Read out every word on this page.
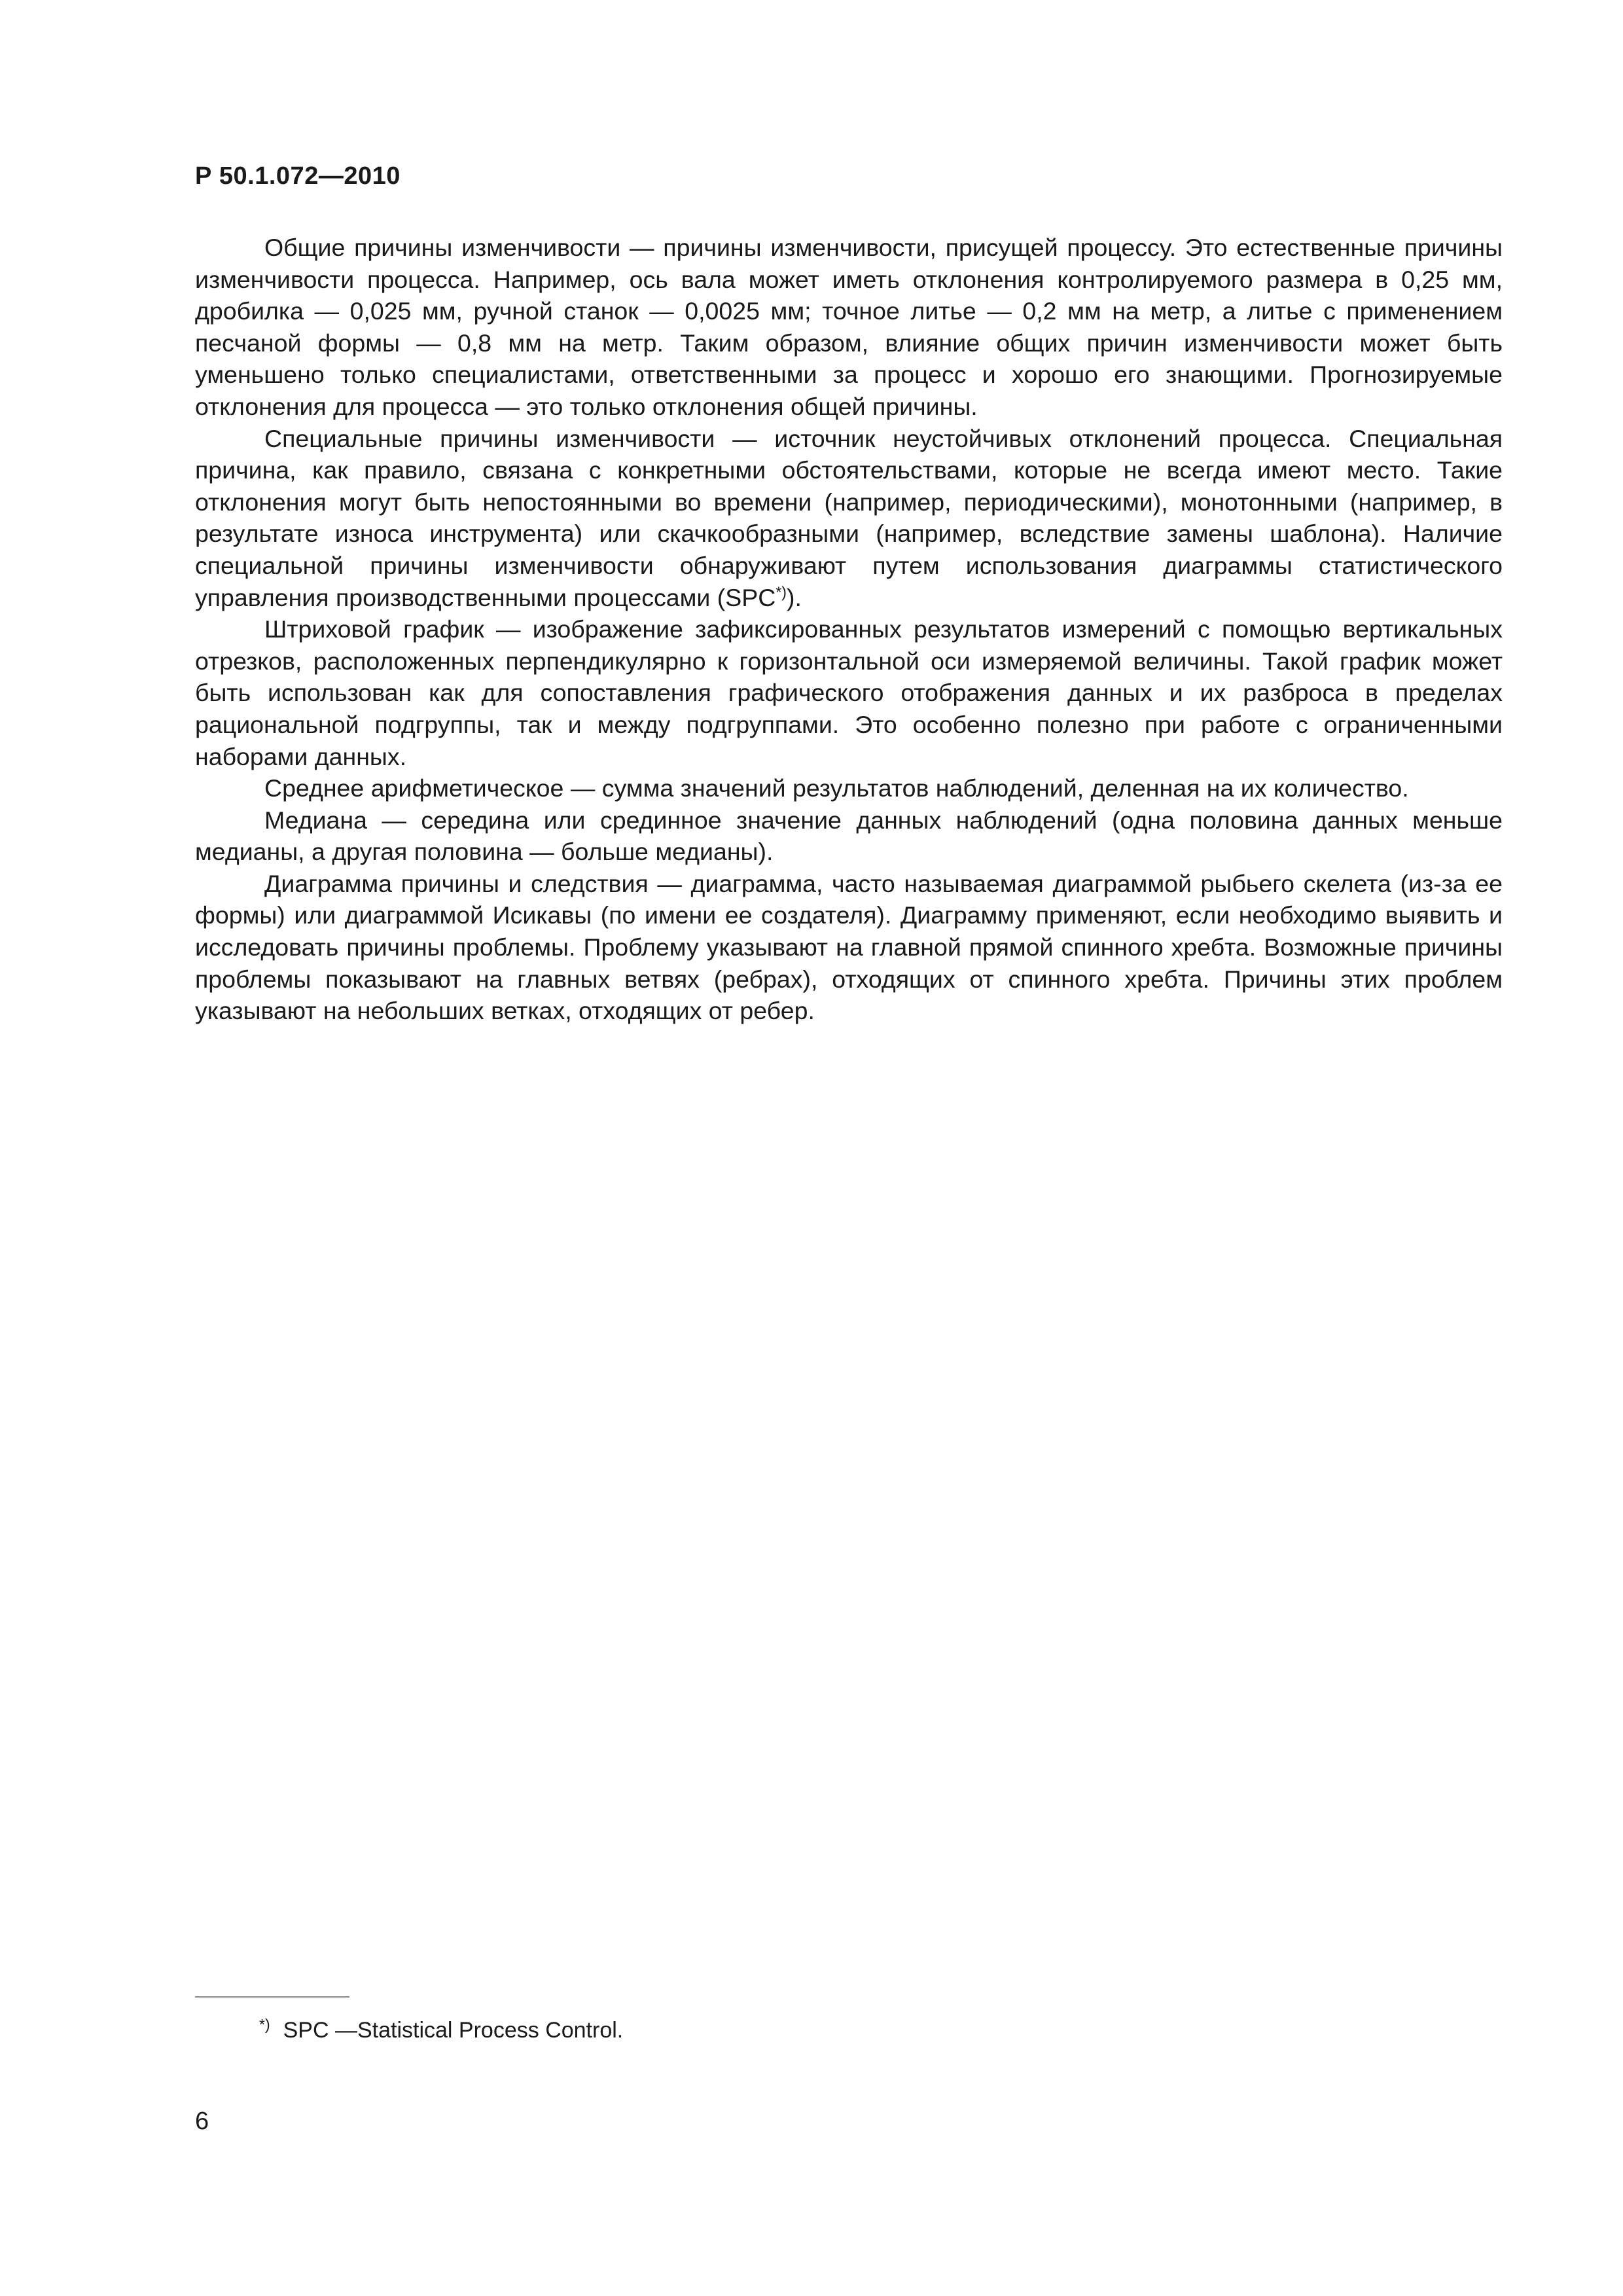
Р 50.1.072—2010

Общие причины изменчивости — причины изменчивости, присущей процессу. Это естественные причины изменчивости процесса. Например, ось вала может иметь отклонения контролируемого размера в 0,25 мм, дробилка — 0,025 мм, ручной станок — 0,0025 мм; точное литье — 0,2 мм на метр, а литье с применением песчаной формы — 0,8 мм на метр. Таким образом, влияние общих причин изменчивости может быть уменьшено только специалистами, ответственными за процесс и хорошо его знающими. Прогнозируемые отклонения для процесса — это только отклонения общей причины.

Специальные причины изменчивости — источник неустойчивых отклонений процесса. Специальная причина, как правило, связана с конкретными обстоятельствами, которые не всегда имеют место. Такие отклонения могут быть непостоянными во времени (например, периодическими), монотонными (например, в результате износа инструмента) или скачкообразными (например, вследствие замены шаблона). Наличие специальной причины изменчивости обнаруживают путем использования диаграммы статистического управления производственными процессами (SPC*)).

Штриховой график — изображение зафиксированных результатов измерений с помощью вертикальных отрезков, расположенных перпендикулярно к горизонтальной оси измеряемой величины. Такой график может быть использован как для сопоставления графического отображения данных и их разброса в пределах рациональной подгруппы, так и между подгруппами. Это особенно полезно при работе с ограниченными наборами данных.

Среднее арифметическое — сумма значений результатов наблюдений, деленная на их количество.

Медиана — середина или срединное значение данных наблюдений (одна половина данных меньше медианы, а другая половина — больше медианы).

Диаграмма причины и следствия — диаграмма, часто называемая диаграммой рыбьего скелета (из-за ее формы) или диаграммой Исикавы (по имени ее создателя). Диаграмму применяют, если необходимо выявить и исследовать причины проблемы. Проблему указывают на главной прямой спинного хребта. Возможные причины проблемы показывают на главных ветвях (ребрах), отходящих от спинного хребта. Причины этих проблем указывают на небольших ветках, отходящих от ребер.

*) SPC —Statistical Process Control.
6
